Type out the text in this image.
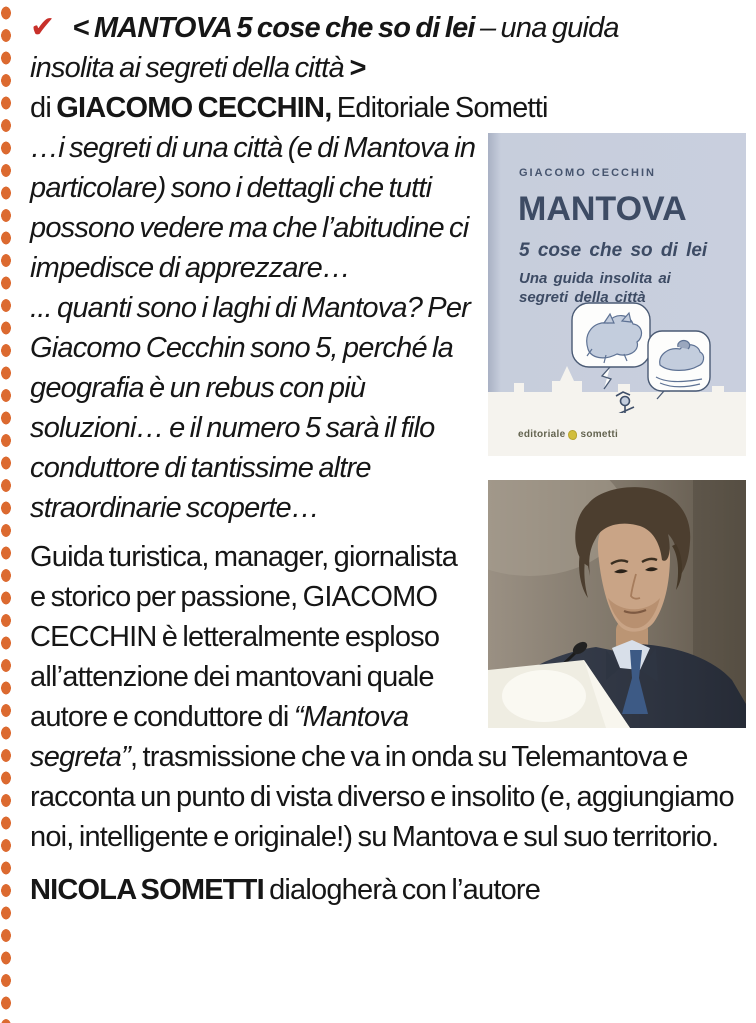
✔ < MANTOVA 5 cose che so di lei – una guida insolita ai segreti della città >
di GIACOMO CECCHIN, Editoriale Sometti
GIACOMO CECCHIN
MANTOVA
5 cose che so di lei
Una guida insolita ai segreti della città
editoriale sometti

…i segreti di una città (e di Mantova in particolare) sono i dettagli che tutti possono vedere ma che l’abitudine ci impedisce di apprezzare…

... quanti sono i laghi di Mantova? Per Giacomo Cecchin sono 5, perché la geografia è un rebus con più soluzioni… e il numero 5 sarà il filo conduttore di tantissime altre straordinarie scoperte…

Guida turistica, manager, giornalista e storico per passione, GIACOMO CECCHIN è letteralmente esploso all’attenzione dei mantovani quale autore e conduttore di “Mantova segreta”, trasmissione che va in onda su Telemantova e racconta un punto di vista diverso e insolito (e, aggiungiamo noi, intelligente e originale!) su Mantova e sul suo territorio.

NICOLA SOMETTI dialogherà con l’autore
